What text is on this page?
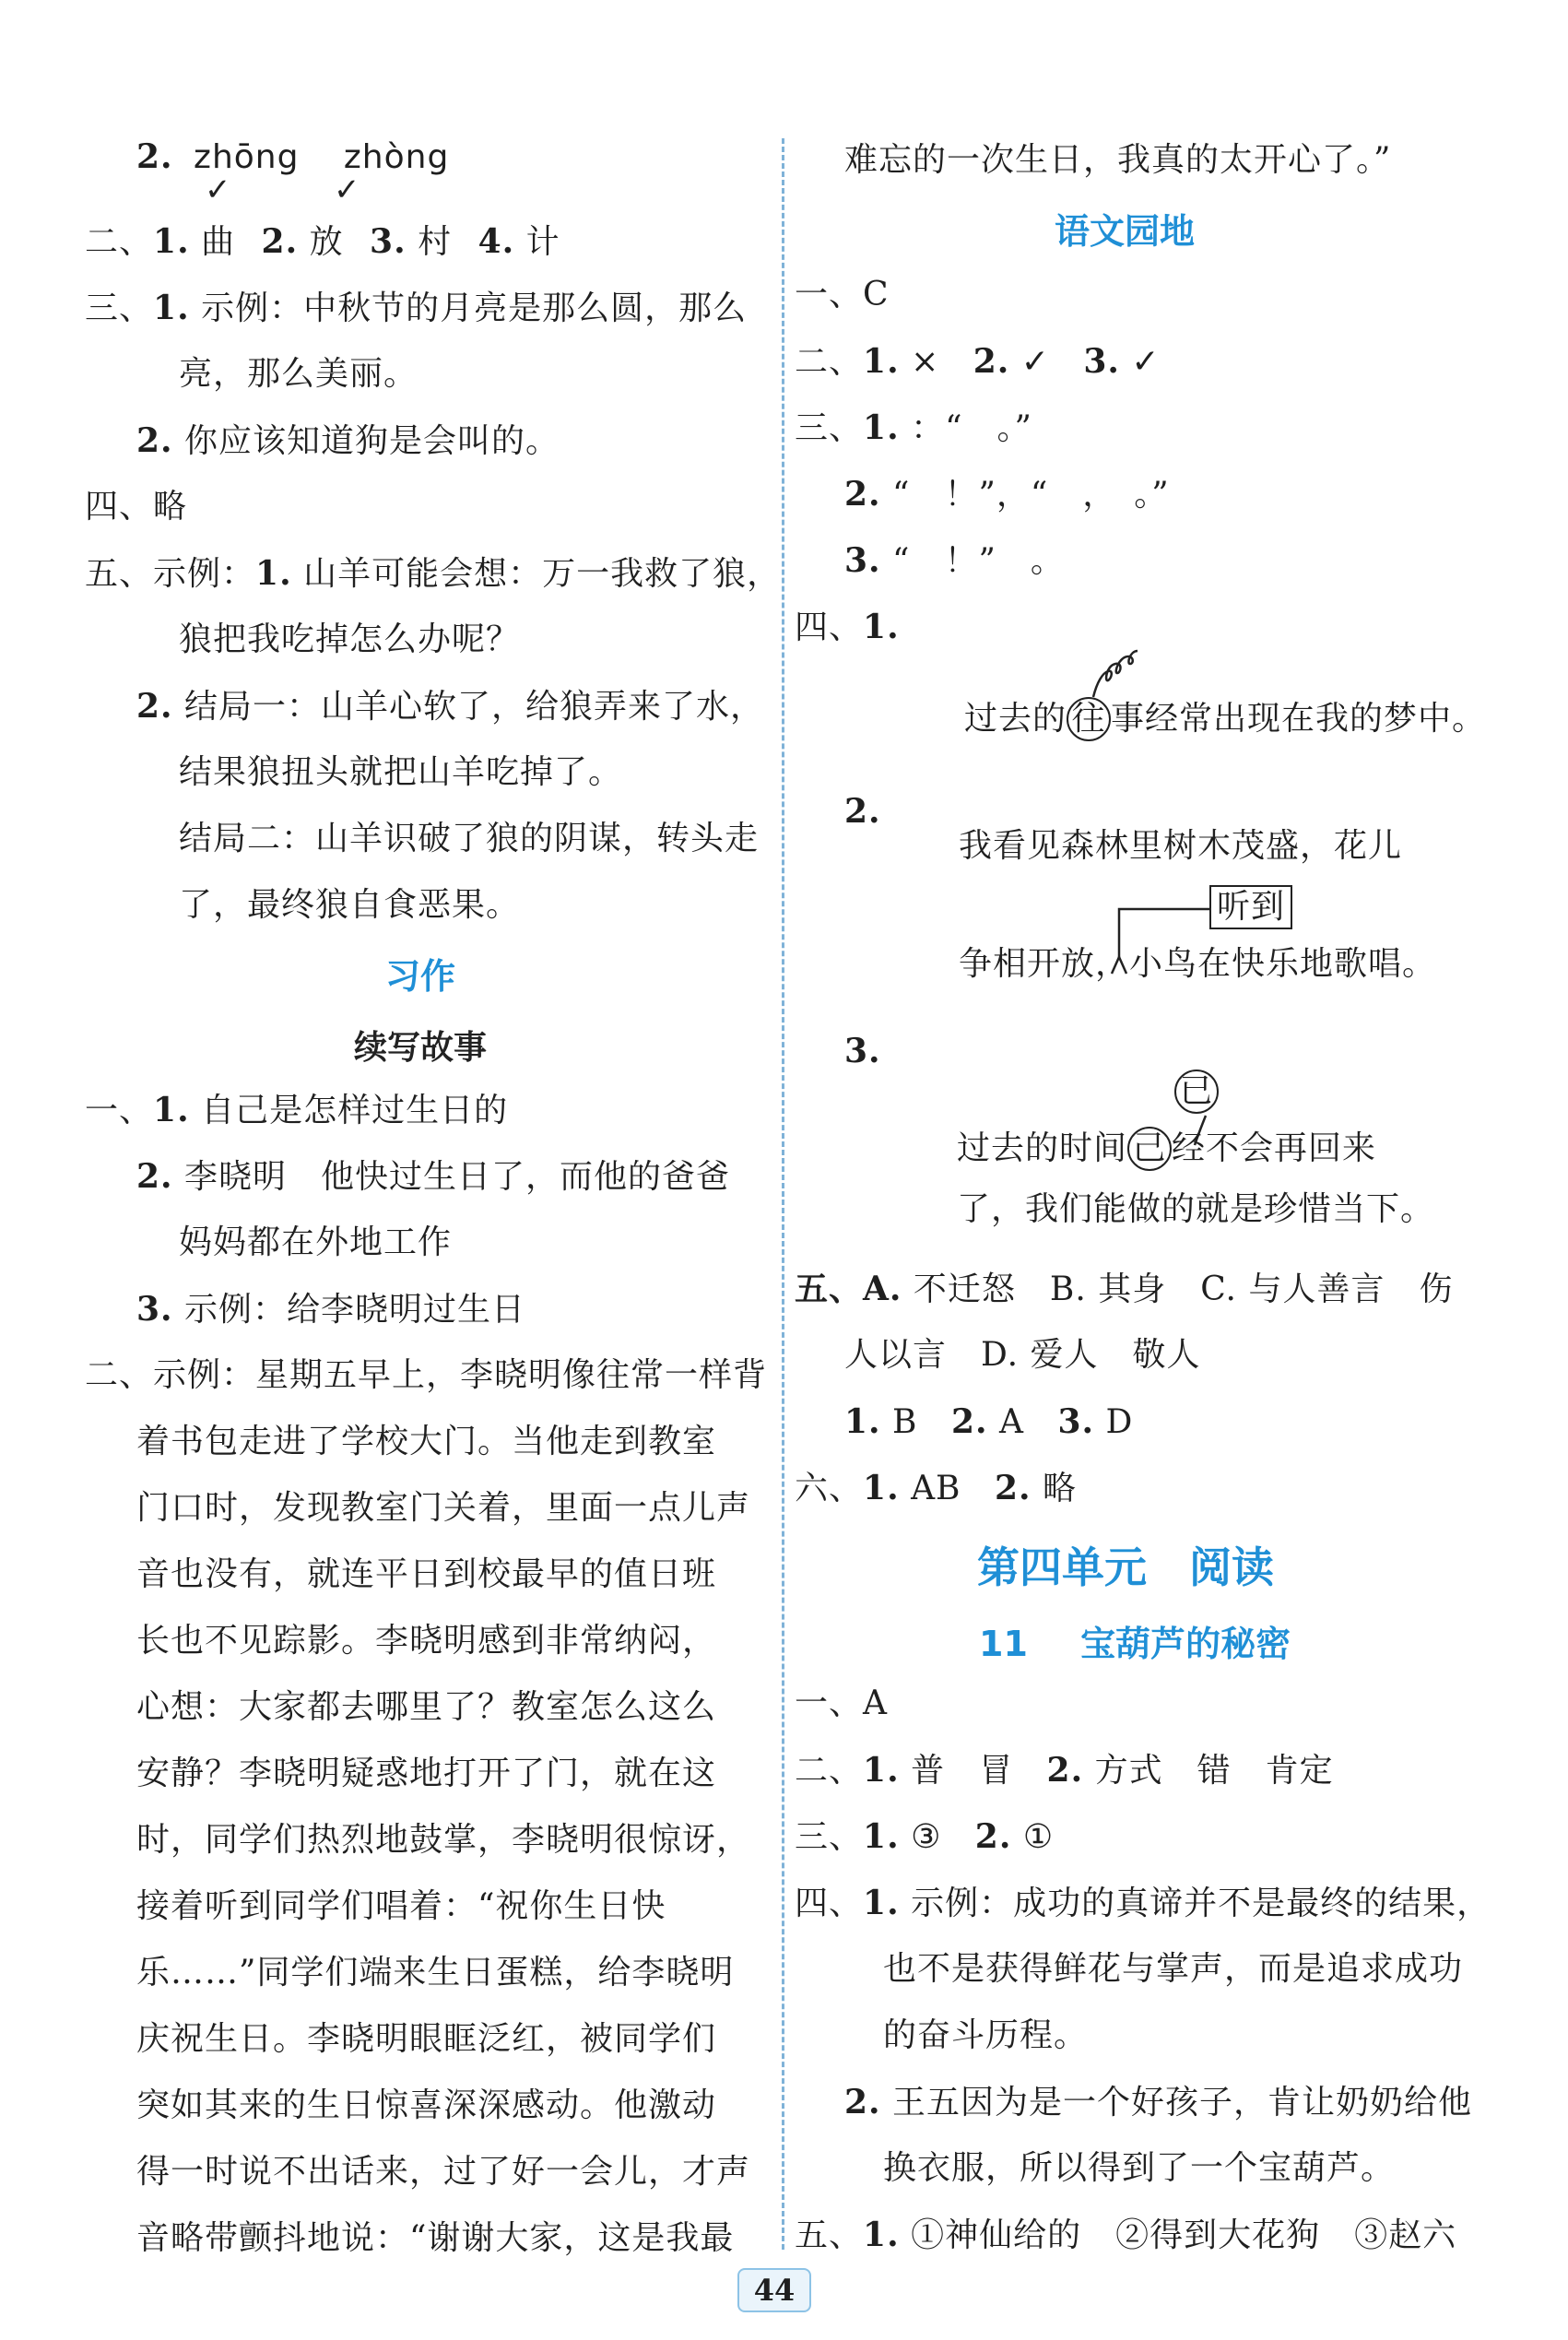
2. zhōng zhòng
✓	✓
二、1. 曲 2. 放 3. 村 4. 计
三、1. 示例：中秋节的月亮是那么圆，那么
亮，那么美丽。
2. 你应该知道狗是会叫的。
四、略
五、示例：1. 山羊可能会想：万一我救了狼，
狼把我吃掉怎么办呢？
2. 结局一：山羊心软了，给狼弄来了水，
结果狼扭头就把山羊吃掉了。
结局二：山羊识破了狼的阴谋，转头走
了，最终狼自食恶果。
习作
续写故事
一、1. 自己是怎样过生日的
2. 李晓明　他快过生日了，而他的爸爸
妈妈都在外地工作
3. 示例：给李晓明过生日
二、示例：星期五早上，李晓明像往常一样背
着书包走进了学校大门。当他走到教室
门口时，发现教室门关着，里面一点儿声
音也没有，就连平日到校最早的值日班
长也不见踪影。李晓明感到非常纳闷，
心想：大家都去哪里了？教室怎么这么
安静？李晓明疑惑地打开了门，就在这
时，同学们热烈地鼓掌，李晓明很惊讶，
接着听到同学们唱着：“祝你生日快
乐……”同学们端来生日蛋糕，给李晓明
庆祝生日。李晓明眼眶泛红，被同学们
突如其来的生日惊喜深深感动。他激动
得一时说不出话来，过了好一会儿，才声
音略带颤抖地说：“谢谢大家，这是我最
难忘的一次生日，我真的太开心了。”
语文园地
一、C
二、1. × 2. ✓ 3. ✓
三、1. ：“　。”
2. “　！”，“　，　。”
3. “　！”　。
四、1.
过去的 往 事经常出现在我的梦中。
2.
我看见森林里树木茂盛，花儿
听到
争相开放，小鸟在快乐地歌唱。
3.
已
过去的时间 己 经不会再回来
了，我们能做的就是珍惜当下。
五、A. 不迁怒　B. 其身　C. 与人善言　伤
人以言　D. 爱人　敬人
1. B 2. A 3. D
六、1. AB 2. 略
第四单元　阅读
11 宝葫芦的秘密
一、A
二、1. 普　冒 2. 方式　错　肯定
三、1. ③ 2. ①
四、1. 示例：成功的真谛并不是最终的结果，
也不是获得鲜花与掌声，而是追求成功
的奋斗历程。
2. 王五因为是一个好孩子，肯让奶奶给他
换衣服，所以得到了一个宝葫芦。
五、1. ①神仙给的　②得到大花狗　③赵六
44
